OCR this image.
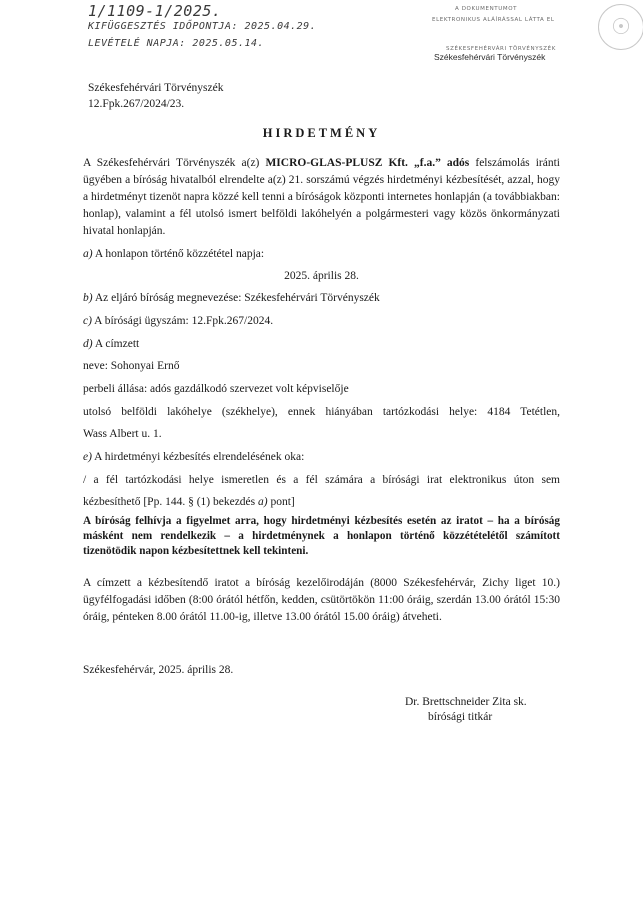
1/1109-1/2025.
KIFÜGGESZTÉS IDŐPONTJA: 2025.04.29.
LEVÉTELÉ NAPJA: 2025.05.14.
A DOKUMENTUMOT
ELEKTRONIKUS ALÁÍRÁSSAL LÁTTA EL
SZÉKESFEHÉRVÁRI TÖRVÉNYSZÉK
Székesfehérvári Törvényszék
☉
Székesfehérvári Törvényszék
12.Fpk.267/2024/23.
HIRDETMÉNY
A Székesfehérvári Törvényszék a(z) MICRO-GLAS-PLUSZ Kft. „f.a.” adós felszámolás iránti ügyében a bíróság hivatalból elrendelte a(z) 21. sorszámú végzés hirdetményi kézbesítését, azzal, hogy a hirdetményt tizenöt napra közzé kell tenni a bíróságok központi internetes honlapján (a továbbiakban: honlap), valamint a fél utolsó ismert belföldi lakóhelyén a polgármesteri vagy közös önkormányzati hivatal honlapján.
a) A honlapon történő közzététel napja:
2025. április 28.
b) Az eljáró bíróság megnevezése: Székesfehérvári Törvényszék
c) A bírósági ügyszám: 12.Fpk.267/2024.
d) A címzett
neve: Sohonyai Ernő
perbeli állása: adós gazdálkodó szervezet volt képviselője
utolsó belföldi lakóhelye (székhelye), ennek hiányában tartózkodási helye: 4184 Tetétlen,
Wass Albert u. 1.
e) A hirdetményi kézbesítés elrendelésének oka:
/ a fél tartózkodási helye ismeretlen és a fél számára a bírósági irat elektronikus úton sem
kézbesíthető [Pp. 144. § (1) bekezdés a) pont]
A bíróság felhívja a figyelmet arra, hogy hirdetményi kézbesítés esetén az iratot – ha a bíróság másként nem rendelkezik – a hirdetménynek a honlapon történő közzétételétől számított tizenötödik napon kézbesítettnek kell tekinteni.
A címzett a kézbesítendő iratot a bíróság kezelőirodáján (8000 Székesfehérvár, Zichy liget 10.) ügyfélfogadási időben (8:00 órától hétfőn, kedden, csütörtökön 11:00 óráig, szerdán 13.00 órától 15:30 óráig, pénteken 8.00 órától 11.00-ig, illetve 13.00 órától 15.00 óráig) átveheti.
Székesfehérvár, 2025. április 28.
Dr. Brettschneider Zita sk.
bírósági titkár
